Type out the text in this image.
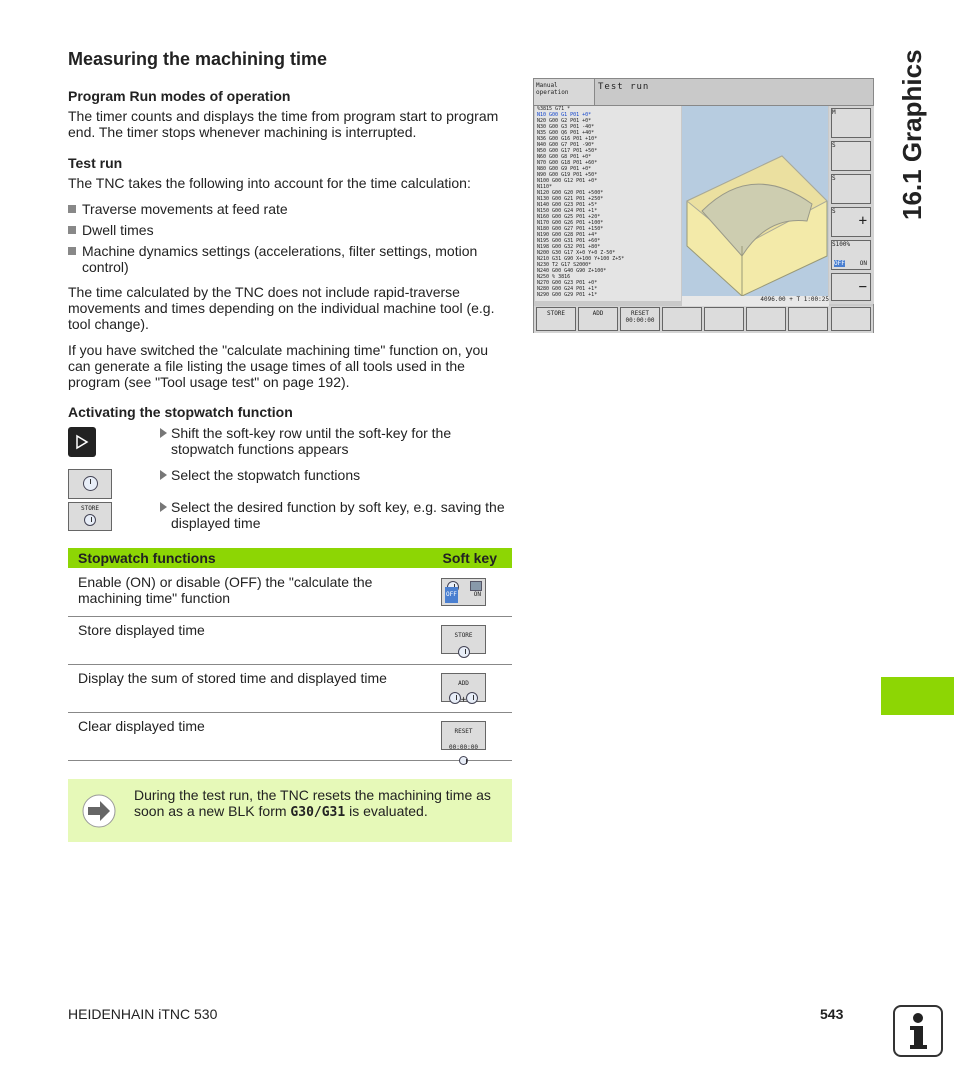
Measuring the machining time
Program Run modes of operation
The timer counts and displays the time from program start to program end. The timer stops whenever machining is interrupted.
Test run
The TNC takes the following into account for the time calculation:
Traverse movements at feed rate
Dwell times
Machine dynamics settings (accelerations, filter settings, motion control)
The time calculated by the TNC does not include rapid-traverse movements and times depending on the individual machine tool (e.g. tool change).
If you have switched the "calculate machining time" function on, you can generate a file listing the usage times of all tools used in the program (see "Tool usage test" on page 192).
Activating the stopwatch function
STORE
Shift the soft-key row until the soft-key for the stopwatch functions appears
Select the stopwatch functions
Select the desired function by soft key, e.g. saving the displayed time
Stopwatch functions	Soft key
Enable (ON) or disable (OFF) the "calculate the machining time" function	OFF	ON
Store displayed time	STORE
Display the sum of stored time and displayed time	ADD
+
Clear displayed time	RESET
00:00:00
During the test run, the TNC resets the machining time as soon as a new BLK form G30/G31 is evaluated.
Manual
operation
Test run
%3815 G71 *
N10 G00 G1 P01 +0*
N20 G00 G2 P01 +0*
N30 G00 G3 P01 -40*
N35 G00 Q6 P01 +40*
N36 G00 G16 P01 +10*
N40 G00 G7 P01 -90*
N50 G00 G17 P01 +50*
N60 G00 G8 P01 +0*
N70 G00 G18 P01 +60*
N80 G00 G9 P01 +0*
N90 G00 G19 P01 +50*
N100 G00 G12 P01 +0*
N110*
N120 G00 G20 P01 +500*
N130 G00 G21 P01 +250*
N140 G00 G23 P01 +5*
N150 G00 G24 P01 +1*
N160 G00 G25 P01 +20*
N170 G00 G26 P01 +100*
N180 G00 G27 P01 +150*
N190 G00 G28 P01 +4*
N195 G00 G31 P01 +60*
N198 G00 G32 P01 +80*
N200 G30 G17 X+0 Y+0 Z-50*
N210 G31 G90 X+100 Y+100 Z+5*
N230 T2 G17 S2000*
N240 G00 G40 G90 Z+100*
N250 % 3816
N270 G00 G23 P01 +0*
N280 G00 G24 P01 +1*
N290 G00 G29 P01 +1*
M
S
S
S
+
S100%
OFF ON
−
4096.00 + T 1:00:25
STORE	ADD	RESET
00:00:00
16.1 Graphics
HEIDENHAIN iTNC 530	543
